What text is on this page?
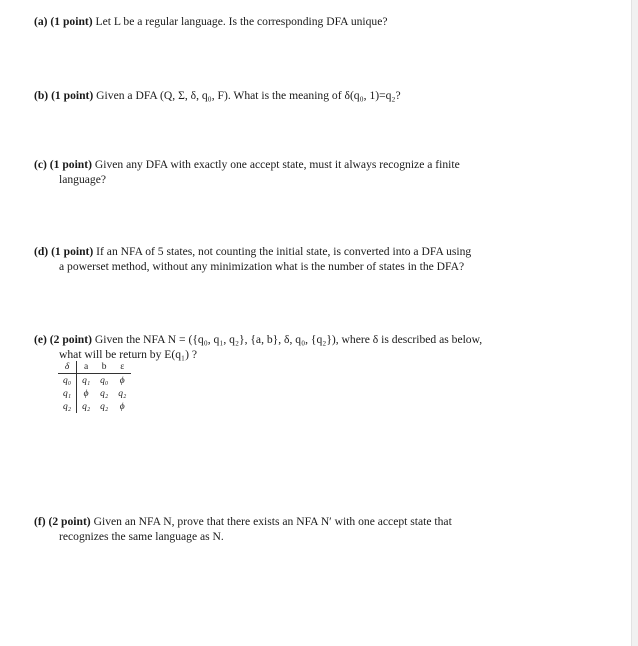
(a) (1 point) Let L be a regular language. Is the corresponding DFA unique?
(b) (1 point) Given a DFA (Q, Σ, δ, q₀, F). What is the meaning of δ(q₀, 1)=q₂?
(c) (1 point) Given any DFA with exactly one accept state, must it always recognize a finite
language?
(d) (1 point) If an NFA of 5 states, not counting the initial state, is converted into a DFA using
a powerset method, without any minimization what is the number of states in the DFA?
(e) (2 point) Given the NFA N = ({q₀, q₁, q₂}, {a, b}, δ, q₀, {q₂}), where δ is described as below,
what will be return by E(q₁) ?
δ	a	b	ε
q₀	q₁	q₀	ϕ
q₁	ϕ	q₂	q₂
q₂	q₂	q₂	ϕ
(f) (2 point) Given an NFA N, prove that there exists an NFA N′ with one accept state that
recognizes the same language as N.
